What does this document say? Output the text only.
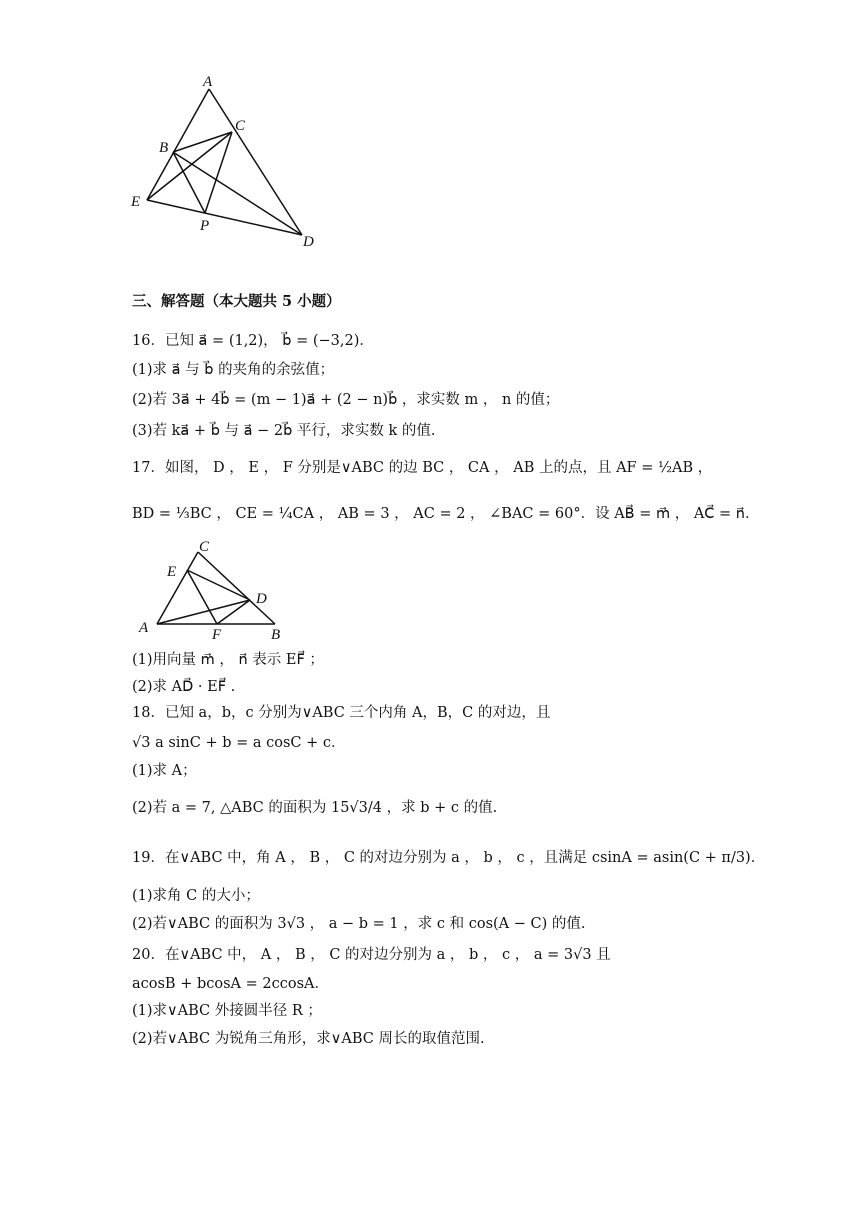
A
B
C
E
P
D
三、解答题（本大题共 5 小题）
16．已知 a⃗ = (1,2)， b⃗ = (−3,2)．
(1)求 a⃗ 与 b⃗ 的夹角的余弦值；
(2)若 3a⃗ + 4b⃗ = (m − 1)a⃗ + (2 − n)b⃗ ，求实数 m ， n 的值；
(3)若 ka⃗ + b⃗ 与 a⃗ − 2b⃗ 平行，求实数 k 的值.
17．如图， D ， E ， F 分别是∨ABC 的边 BC ， CA ， AB 上的点，且 AF = ½AB ，
BD = ⅓BC ， CE = ¼CA ， AB = 3 ， AC = 2 ， ∠BAC = 60°．设 AB⃗ = m⃗ ， AC⃗ = n⃗．
C
E
D
A	F	B
(1)用向量 m⃗ ， n⃗ 表示 EF⃗ ；
(2)求 AD⃗ · EF⃗ .
18．已知 a，b，c 分别为∨ABC 三个内角 A，B，C 的对边，且
√3 a sinC + b = a cosC + c．
(1)求 A；
(2)若 a = 7, △ABC 的面积为 15√3/4 ，求 b + c 的值.
19．在∨ABC 中，角 A ， B ， C 的对边分别为 a ， b ， c ，且满足 csinA = asin(C + π/3)．
(1)求角 C 的大小；
(2)若∨ABC 的面积为 3√3 ， a − b = 1 ，求 c 和 cos(A − C) 的值.
20．在∨ABC 中， A ， B ， C 的对边分别为 a ， b ， c ， a = 3√3 且
acosB + bcosA = 2ccosA．
(1)求∨ABC 外接圆半径 R ；
(2)若∨ABC 为锐角三角形，求∨ABC 周长的取值范围.
